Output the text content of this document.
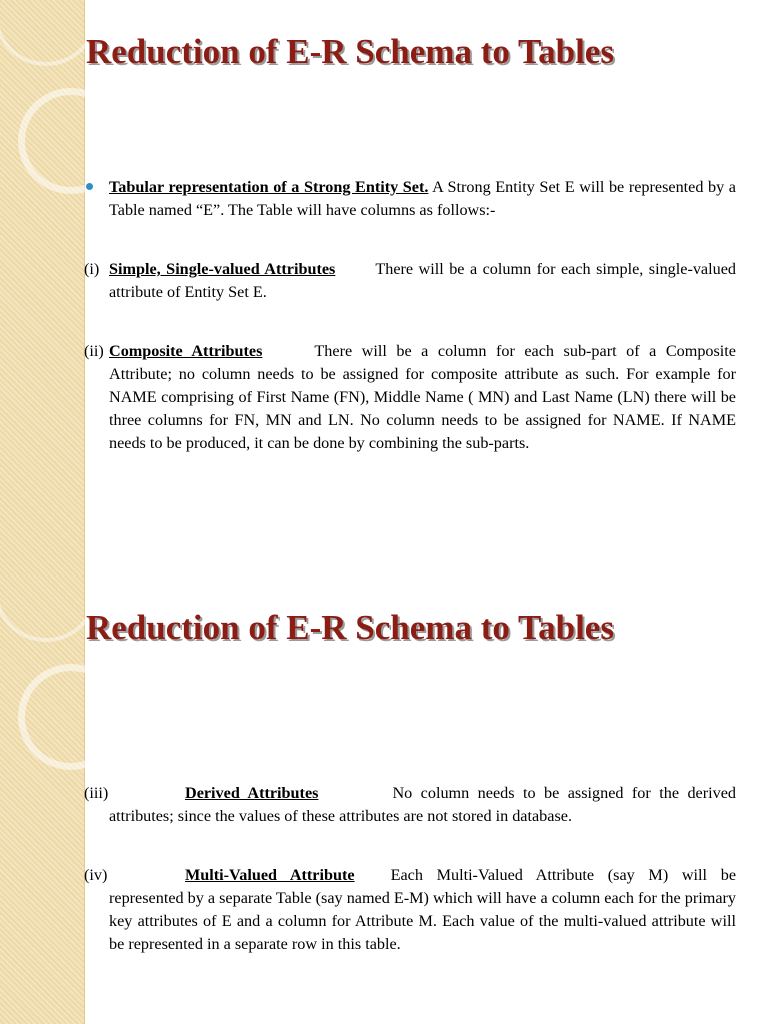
Reduction of E-R Schema to Tables
Tabular representation of a Strong Entity Set. A Strong Entity Set E will be represented by a Table named “E”. The Table will have columns as follows:-
(i) Simple, Single-valued Attributes There will be a column for each simple, single-valued attribute of Entity Set E.
(ii) Composite Attributes	There will be a column for each sub-part of a Composite Attribute; no column needs to be assigned for composite attribute as such. For example for NAME comprising of First Name (FN), Middle Name ( MN) and Last Name (LN) there will be three columns for FN, MN and LN. No column needs to be assigned for NAME. If NAME needs to be produced, it can be done by combining the sub-parts.
Reduction of E-R Schema to Tables
(iii)	Derived Attributes	No column needs to be assigned for the derived attributes; since the values of these attributes are not stored in database.
(iv)	Multi-Valued Attribute Each Multi-Valued Attribute (say M) will be represented by a separate Table (say named E-M) which will have a column each for the primary key attributes of E and a column for Attribute M. Each value of the multi-valued attribute will be represented in a separate row in this table.
